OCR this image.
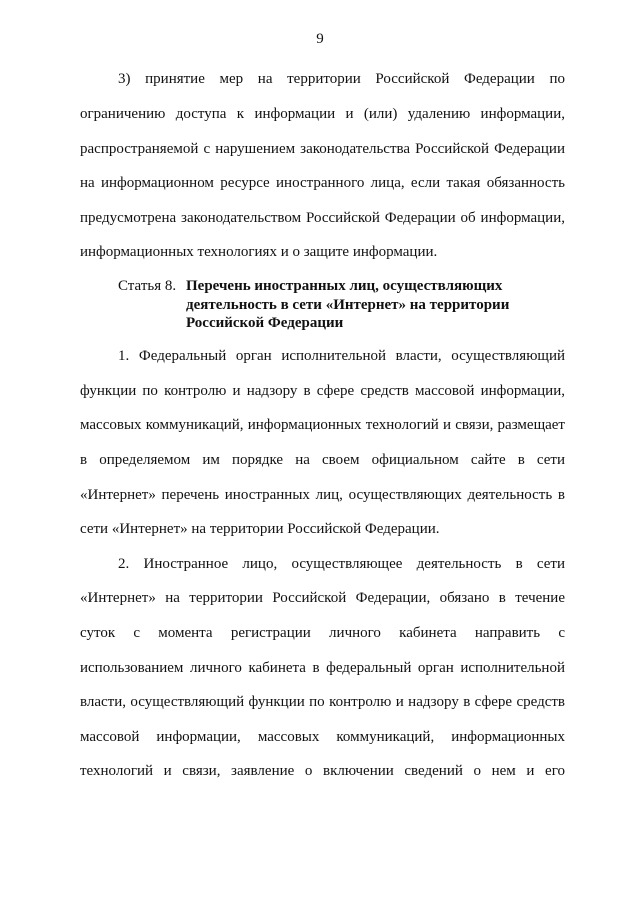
9
3) принятие мер на территории Российской Федерации по
ограничению доступа к информации и (или) удалению информации,
распространяемой с нарушением законодательства Российской Федерации
на информационном ресурсе иностранного лица, если такая обязанность
предусмотрена законодательством Российской Федерации об информации,
информационных технологиях и о защите информации.
Статья 8. Перечень иностранных лиц, осуществляющих
деятельность в сети «Интернет» на территории
Российской Федерации
1. Федеральный орган исполнительной власти, осуществляющий
функции по контролю и надзору в сфере средств массовой информации,
массовых коммуникаций, информационных технологий и связи, размещает
в определяемом им порядке на своем официальном сайте в сети
«Интернет» перечень иностранных лиц, осуществляющих деятельность в
сети «Интернет» на территории Российской Федерации.
2. Иностранное лицо, осуществляющее деятельность в сети
«Интернет» на территории Российской Федерации, обязано в течение
суток с момента регистрации личного кабинета направить с
использованием личного кабинета в федеральный орган исполнительной
власти, осуществляющий функции по контролю и надзору в сфере средств
массовой информации, массовых коммуникаций, информационных
технологий и связи, заявление о включении сведений о нем и его
